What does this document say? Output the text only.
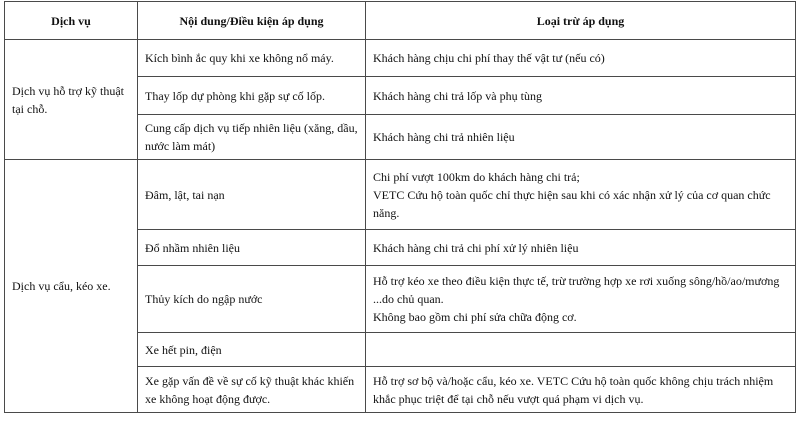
Dịch vụ	Nội dung/Điều kiện áp dụng	Loại trừ áp dụng
Dịch vụ hỗ trợ kỹ thuật tại chỗ.	Kích bình ắc quy khi xe không nổ máy.	Khách hàng chịu chi phí thay thế vật tư (nếu có)

	Thay lốp dự phòng khi gặp sự cố lốp.	Khách hàng chi trả lốp và phụ tùng

	Cung cấp dịch vụ tiếp nhiên liệu (xăng, dầu, nước làm mát)	Khách hàng chi trả nhiên liệu

Dịch vụ cẩu, kéo xe.	Đâm, lật, tai nạn	Chi phí vượt 100km do khách hàng chi trả;
VETC Cứu hộ toàn quốc chỉ thực hiện sau khi có xác nhận xử lý của cơ quan chức năng.

	Đổ nhầm nhiên liệu	Khách hàng chi trả chi phí xử lý nhiên liệu

	Thủy kích do ngập nước	Hỗ trợ kéo xe theo điều kiện thực tế, trừ trường hợp xe rơi xuống sông/hồ/ao/mương ...do chủ quan.
Không bao gồm chi phí sửa chữa động cơ.

	Xe hết pin, điện	
	Xe gặp vấn đề về sự cố kỹ thuật khác khiến xe không hoạt động được.	Hỗ trợ sơ bộ và/hoặc cẩu, kéo xe. VETC Cứu hộ toàn quốc không chịu trách nhiệm khắc phục triệt để tại chỗ nếu vượt quá phạm vi dịch vụ.
